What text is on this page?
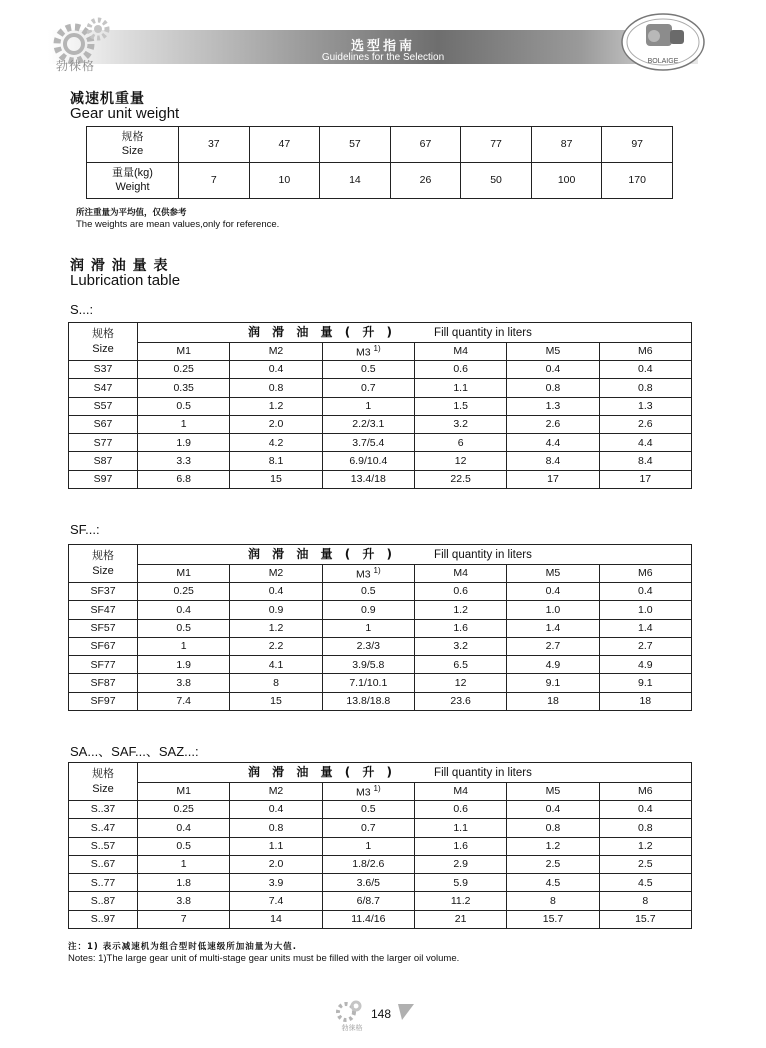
勃徕格
选型指南
Guidelines for the Selection	BOLAIGE
减速机重量
Gear unit weight
规格
Size	37	47	57	67	77	87	97
重量(kg)
Weight	7	10	14	26	50	100	170
所注重量为平均值，仅供参考
The weights are mean values,only for reference.
润 滑 油 量 表
Lubrication table
S...:
SF...:
SA...、SAF...、SAZ...:
规格
Size	润 滑 油 量 ( 升 ) Fill quantity in liters					
	M1	M2	M3 $^{1)}$	M4	M5	M6
S37	0.25	0.4	0.5	0.6	0.4	0.4
S47	0.35	0.8	0.7	1.1	0.8	0.8
S57	0.5	1.2	1	1.5	1.3	1.3
S67	1	2.0	2.2/3.1	3.2	2.6	2.6
S77	1.9	4.2	3.7/5.4	6	4.4	4.4
S87	3.3	8.1	6.9/10.4	12	8.4	8.4
S97	6.8	15	13.4/18	22.5	17	17
规格
Size	润 滑 油 量 ( 升 ) Fill quantity in liters					
	M1	M2	M3 $^{1)}$	M4	M5	M6
SF37	0.25	0.4	0.5	0.6	0.4	0.4
SF47	0.4	0.9	0.9	1.2	1.0	1.0
SF57	0.5	1.2	1	1.6	1.4	1.4
SF67	1	2.2	2.3/3	3.2	2.7	2.7
SF77	1.9	4.1	3.9/5.8	6.5	4.9	4.9
SF87	3.8	8	7.1/10.1	12	9.1	9.1
SF97	7.4	15	13.8/18.8	23.6	18	18
规格
Size	润 滑 油 量 ( 升 ) Fill quantity in liters					
	M1	M2	M3 $^{1)}$	M4	M5	M6
S..37	0.25	0.4	0.5	0.6	0.4	0.4
S..47	0.4	0.8	0.7	1.1	0.8	0.8
S..57	0.5	1.1	1	1.6	1.2	1.2
S..67	1	2.0	1.8/2.6	2.9	2.5	2.5
S..77	1.8	3.9	3.6/5	5.9	4.5	4.5
S..87	3.8	7.4	6/8.7	11.2	8	8
S..97	7	14	11.4/16	21	15.7	15.7
注：1) 表示减速机为组合型时低速级所加油量为大值.
Notes: 1)The large gear unit of multi-stage gear units must be filled with the larger oil volume.
勃徕格
148
